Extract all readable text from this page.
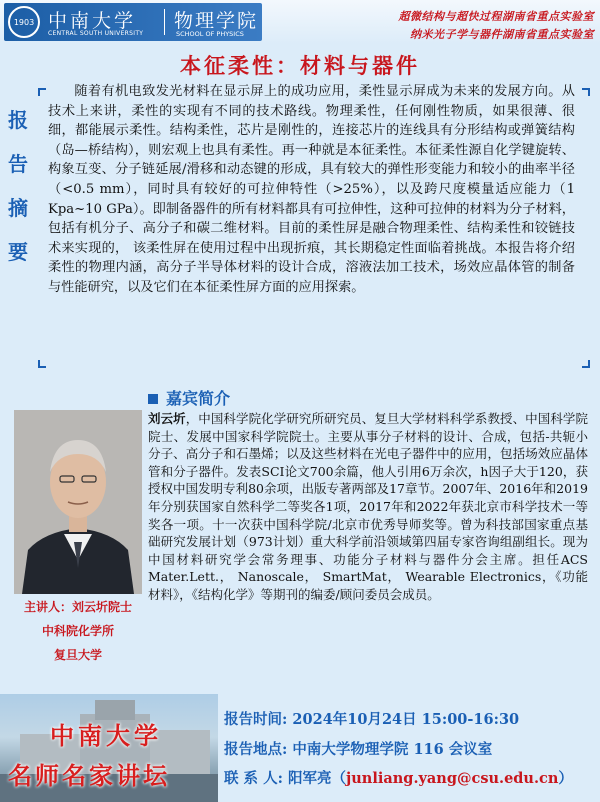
1903 中南大学
CENTRAL SOUTH UNIVERSITY
物理学院
SCHOOL OF PHYSICS
超微结构与超快过程湖南省重点实验室
纳米光子学与器件湖南省重点实验室
本征柔性：材料与器件
报
告
摘
要

随着有机电致发光材料在显示屏上的成功应用，柔性显示屏成为未来的发展方向。从技术上来讲，柔性的实现有不同的技术路线。物理柔性，任何刚性物质，如果很薄、很细，都能展示柔性。结构柔性，芯片是刚性的，连接芯片的连线具有分形结构或弹簧结构（岛—桥结构），则宏观上也具有柔性。再一种就是本征柔性。本征柔性源自化学键旋转、构象互变、分子链延展/滑移和动态键的形成，具有较大的弹性形变能力和较小的曲率半径（<0.5 mm），同时具有较好的可拉伸特性（>25%），以及跨尺度模量适应能力（1 Kpa~10 GPa）。即制备器件的所有材料都具有可拉伸性，这种可拉伸的材料为分子材料，包括有机分子、高分子和碳二维材料。目前的柔性屏是融合物理柔性、结构柔性和铰链技术来实现的， 该柔性屏在使用过程中出现折痕，其长期稳定性面临着挑战。本报告将介绍柔性的物理内涵，高分子半导体材料的设计合成，溶液法加工技术，场效应晶体管的制备与性能研究，以及它们在本征柔性屏方面的应用探索。

嘉宾简介
主讲人：刘云圻院士
中科院化学所
复旦大学

刘云圻，中国科学院化学研究所研究员、复旦大学材料科学系教授、中国科学院院士、发展中国家科学院院士。主要从事分子材料的设计、合成，包括-共轭小分子、高分子和石墨烯；以及这些材料在光电子器件中的应用，包括场效应晶体管和分子器件。发表SCI论文700余篇，他人引用6万余次，h因子大于120，获授权中国发明专利80余项，出版专著两部及17章节。2007年、2016年和2019年分别获国家自然科学二等奖各1项，2017年和2022年获北京市科学技术一等奖各一项。十一次获中国科学院/北京市优秀导师奖等。曾为科技部国家重点基础研究发展计划（973计划）重大科学前沿领域第四届专家咨询组副组长。现为中国材料研究学会常务理事、功能分子材料与器件分会主席。担任ACS Mater.Lett.， Nanoscale， SmartMat， Wearable Electronics，《功能材料》，《结构化学》等期刊的编委/顾问委员会成员。

中南大学
名师名家讲坛
报告时间: 2024年10月24日 15:00-16:30
报告地点: 中南大学物理学院 116 会议室
联 系 人: 阳军亮（junliang.yang@csu.edu.cn）
